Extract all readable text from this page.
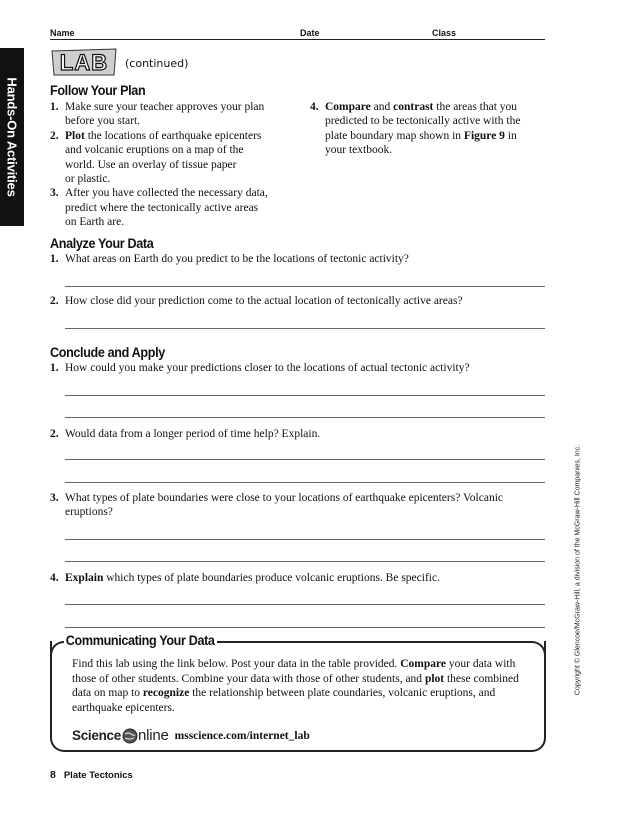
Name	Date	Class
Hands-On Activities
LAB (continued)
Follow Your Plan
1. Make sure your teacher approves your plan
before you start.
2. Plot the locations of earthquake epicenters
and volcanic eruptions on a map of the
world. Use an overlay of tissue paper
or plastic.
3. After you have collected the necessary data,
predict where the tectonically active areas
on Earth are.
4. Compare and contrast the areas that you
predicted to be tectonically active with the
plate boundary map shown in Figure 9 in
your textbook.
Analyze Your Data
1. What areas on Earth do you predict to be the locations of tectonic activity?
2. How close did your prediction come to the actual location of tectonically active areas?
Conclude and Apply
1. How could you make your predictions closer to the locations of actual tectonic activity?
2. Would data from a longer period of time help? Explain.
3. What types of plate boundaries were close to your locations of earthquake epicenters? Volcanic eruptions?
4. Explain which types of plate boundaries produce volcanic eruptions. Be specific.
Communicating Your Data
Find this lab using the link below. Post your data in the table provided. Compare your data with those of other students. Combine your data with those of other students, and plot these combined data on map to recognize the relationship between plate coundaries, volcanic eruptions, and earthquake epicenters.
Science nline msscience.com/internet_lab
8 Plate Tectonics
Copyright © Glencoe/McGraw-Hill, a division of the McGraw-Hill Companies, Inc.
